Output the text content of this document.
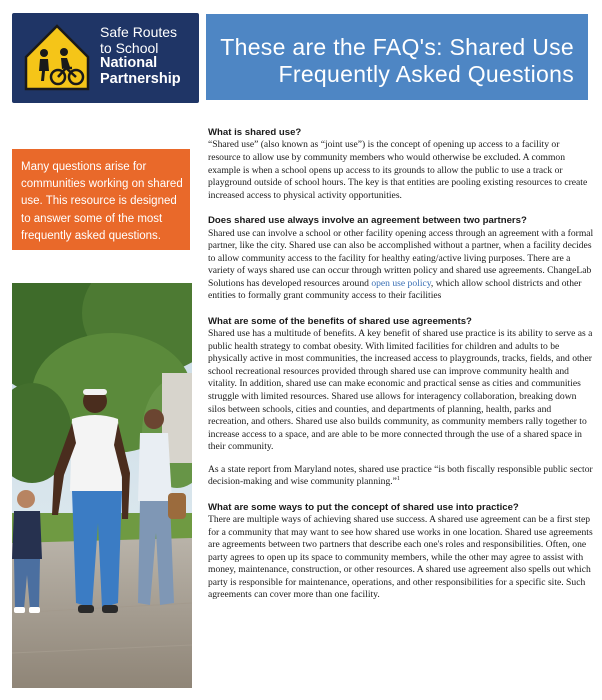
Safe Routes
to School
National
Partnership
These are the FAQ's: Shared Use
Frequently Asked Questions
Many questions arise for communities working on shared use. This resource is designed to answer some of the most frequently asked questions.
What is shared use?
“Shared use” (also known as “joint use”) is the concept of opening up access to a facility or resource to allow use by community members who would otherwise be excluded. A common example is when a school opens up access to its grounds to allow the public to use a track or playground outside of school hours. The key is that entities are pooling existing resources to create increased access to physical activity opportunities.
Does shared use always involve an agreement between two partners?
Shared use can involve a school or other facility opening access through an agreement with a formal partner, like the city. Shared use can also be accomplished without a partner, when a facility decides to allow community access to the facility for healthy eating/active living purposes. There are a variety of ways shared use can occur through written policy and shared use agreements. ChangeLab Solutions has developed resources around open use policy, which allow school districts and other entities to formally grant community access to their facilities
What are some of the benefits of shared use agreements?
Shared use has a multitude of benefits. A key benefit of shared use practice is its ability to serve as a public health strategy to combat obesity. With limited facilities for children and adults to be physically active in most communities, the increased access to playgrounds, tracks, fields, and other school recreational resources provided through shared use can improve community health and vitality. In addition, shared use can make economic and practical sense as cities and communities struggle with limited resources. Shared use allows for interagency collaboration, breaking down silos between schools, cities and counties, and departments of planning, health, parks and recreation, and others. Shared use also builds community, as community members rally together to increase access to a space, and are able to be more connected through the use of a shared space in their community.
As a state report from Maryland notes, shared use practice “is both fiscally responsible public sector decision-making and wise community planning.”$^1$
What are some ways to put the concept of shared use into practice?
There are multiple ways of achieving shared use success. A shared use agreement can be a first step for a community that may want to see how shared use works in one location. Shared use agreements are agreements between two partners that describe each one's roles and responsibilities. Often, one party agrees to open up its space to community members, while the other may agree to assist with money, maintenance, construction, or other resources. A shared use agreement also spells out which party is responsible for maintenance, operations, and other responsibilities for a specific site. Such agreements can cover more than one facility.
